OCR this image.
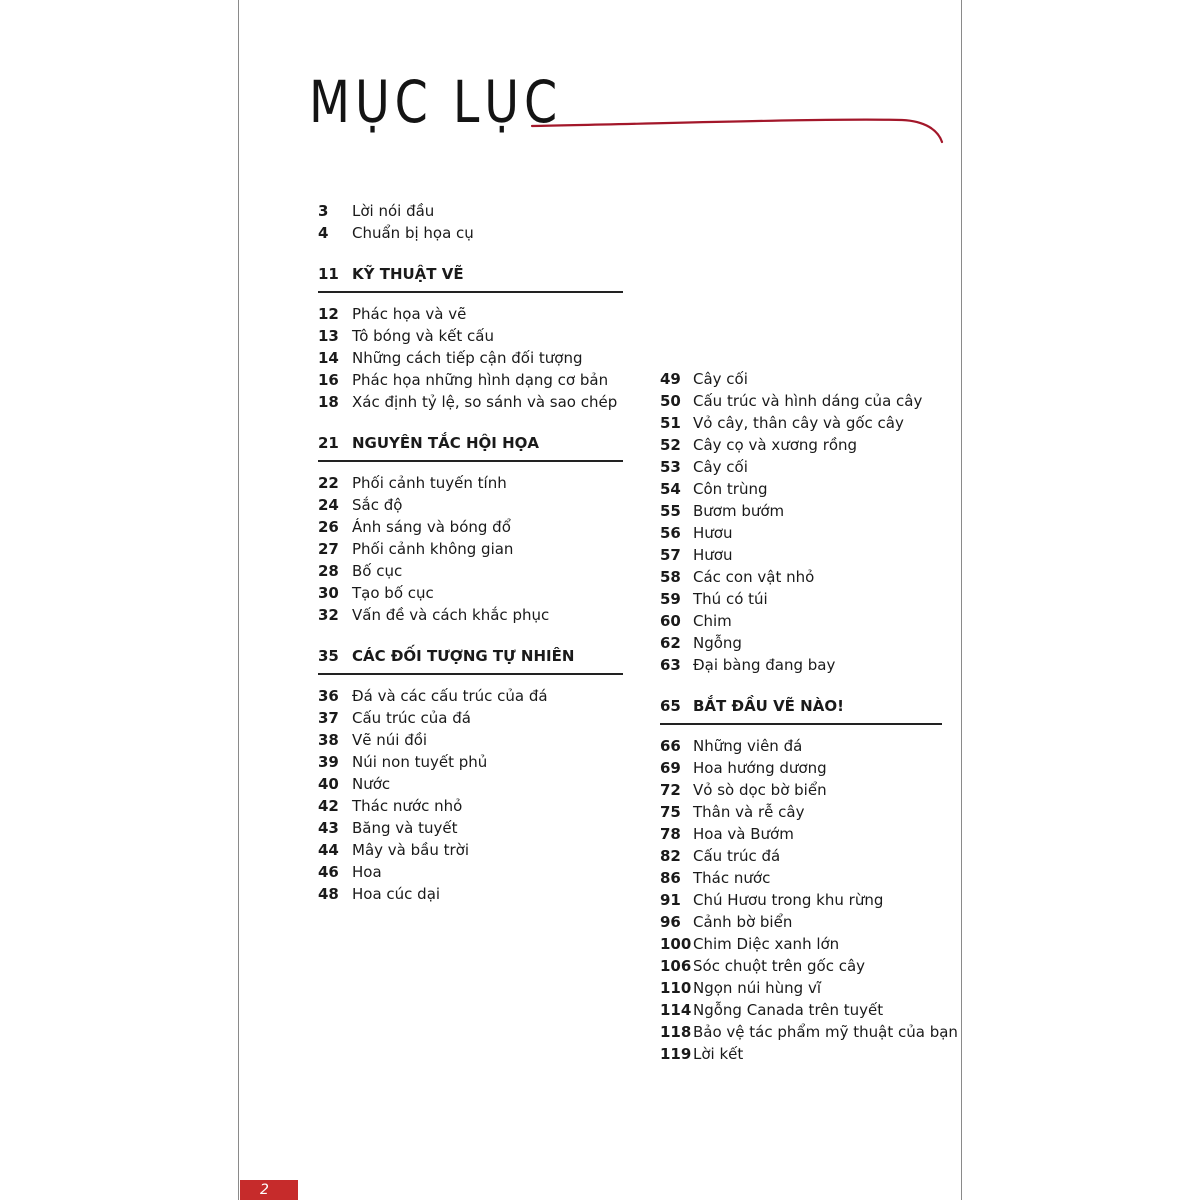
MỤC LỤC
3	Lời nói đầu
4	Chuẩn bị họa cụ
11 KỸ THUẬT VẼ
12 Phác họa và vẽ
13 Tô bóng và kết cấu
14 Những cách tiếp cận đối tượng
16 Phác họa những hình dạng cơ bản
18 Xác định tỷ lệ, so sánh và sao chép
21 NGUYÊN TẮC HỘI HỌA
22 Phối cảnh tuyến tính
24 Sắc độ
26 Ánh sáng và bóng đổ
27 Phối cảnh không gian
28 Bố cục
30 Tạo bố cục
32 Vấn đề và cách khắc phục
35 CÁC ĐỐI TƯỢNG TỰ NHIÊN
36 Đá và các cấu trúc của đá
37 Cấu trúc của đá
38 Vẽ núi đồi
39 Núi non tuyết phủ
40 Nước
42 Thác nước nhỏ
43 Băng và tuyết
44 Mây và bầu trời
46 Hoa
48 Hoa cúc dại
49 Cây cối
50 Cấu trúc và hình dáng của cây
51 Vỏ cây, thân cây và gốc cây
52 Cây cọ và xương rồng
53 Cây cối
54 Côn trùng
55 Bươm bướm
56 Hươu
57 Hươu
58 Các con vật nhỏ
59 Thú có túi
60 Chim
62 Ngỗng
63 Đại bàng đang bay
65 BẮT ĐẦU VẼ NÀO!
66 Những viên đá
69 Hoa hướng dương
72 Vỏ sò dọc bờ biển
75 Thân và rễ cây
78 Hoa và Bướm
82 Cấu trúc đá
86 Thác nước
91 Chú Hươu trong khu rừng
96 Cảnh bờ biển
100 Chim Diệc xanh lớn
106 Sóc chuột trên gốc cây
110 Ngọn núi hùng vĩ
114 Ngỗng Canada trên tuyết
118 Bảo vệ tác phẩm mỹ thuật của bạn
119 Lời kết
2
